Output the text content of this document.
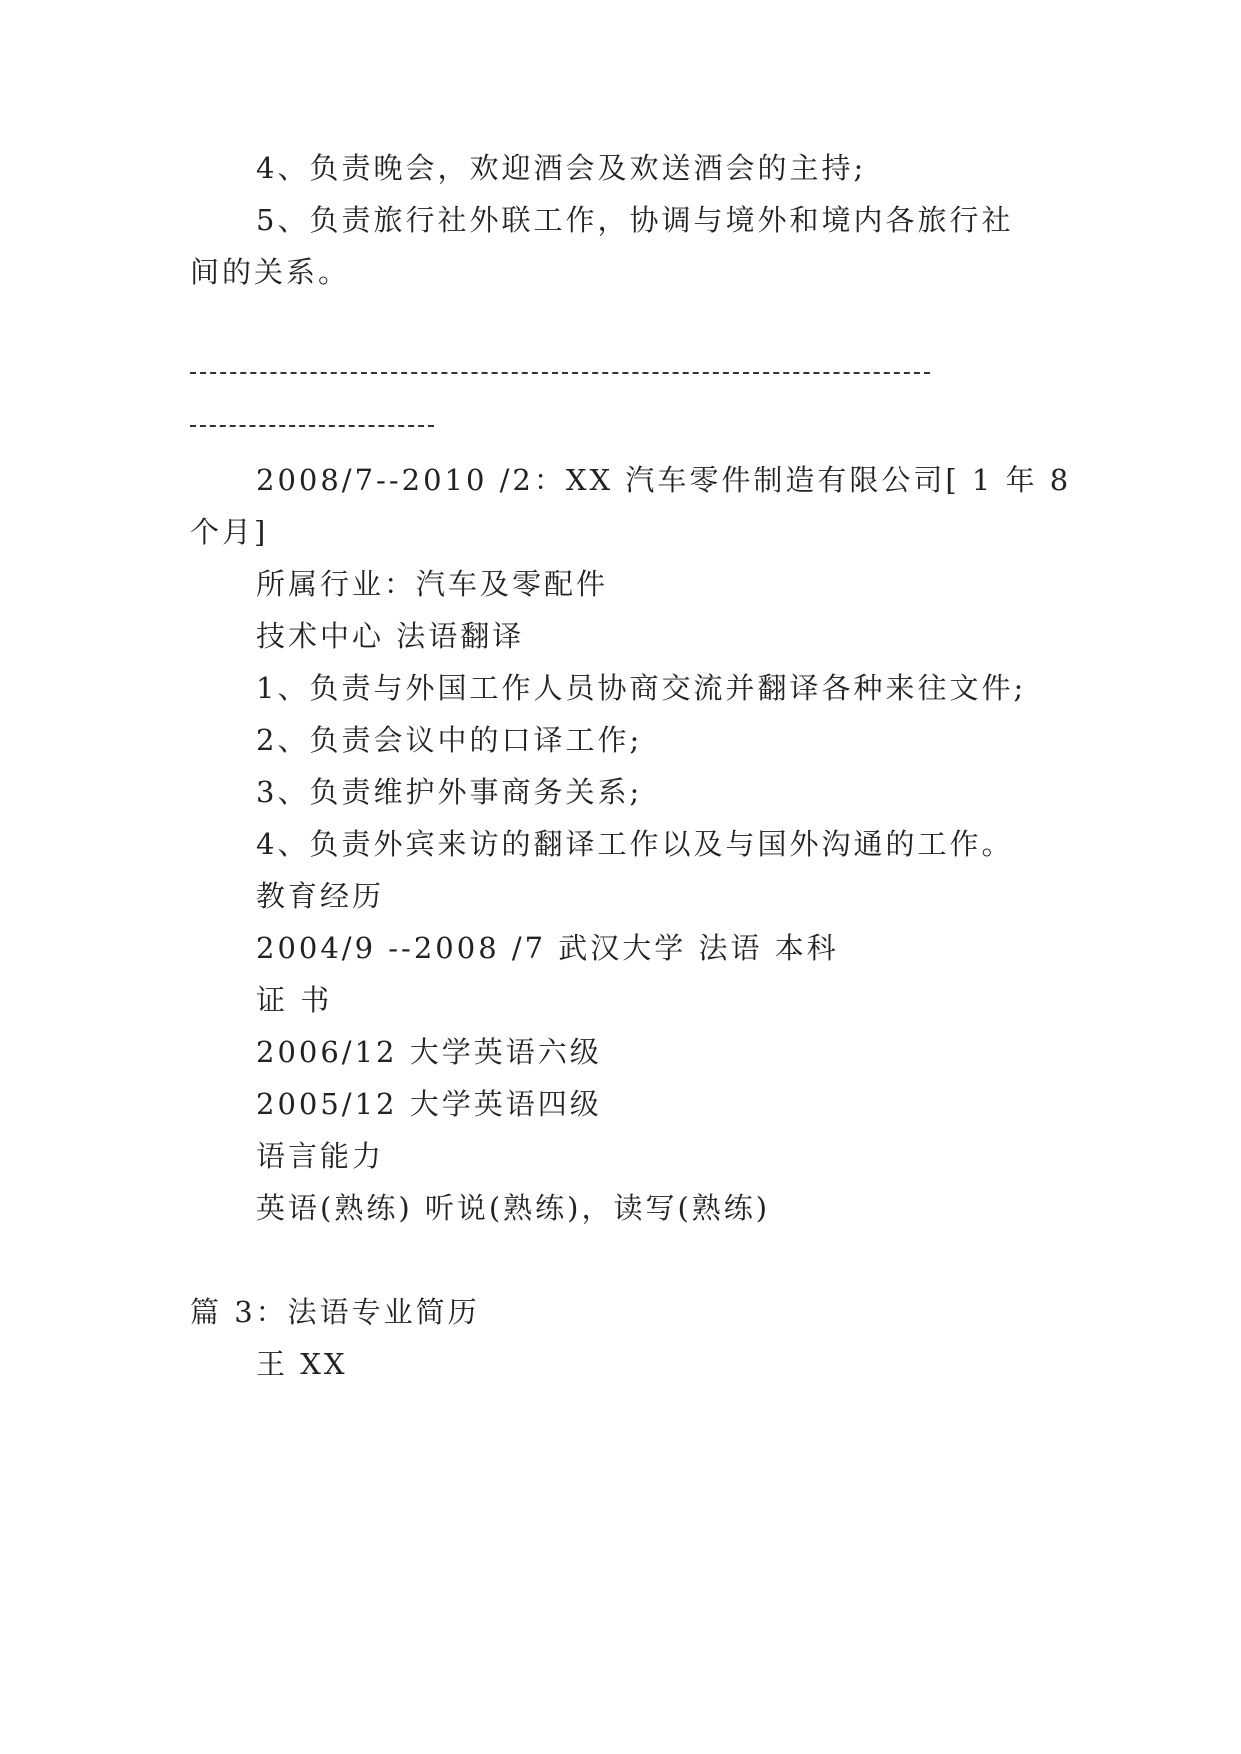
4、负责晚会，欢迎酒会及欢送酒会的主持;
5、负责旅行社外联工作，协调与境外和境内各旅行社
间的关系。
2008/7--2010 /2：XX 汽车零件制造有限公司[ 1 年 8
个月]
所属行业：汽车及零配件
技术中心 法语翻译
1、负责与外国工作人员协商交流并翻译各种来往文件;
2、负责会议中的口译工作;
3、负责维护外事商务关系;
4、负责外宾来访的翻译工作以及与国外沟通的工作。
教育经历
2004/9 --2008 /7 武汉大学 法语 本科
证 书
2006/12 大学英语六级
2005/12 大学英语四级
语言能力
英语(熟练) 听说(熟练)，读写(熟练)
篇 3：法语专业简历
王 XX
